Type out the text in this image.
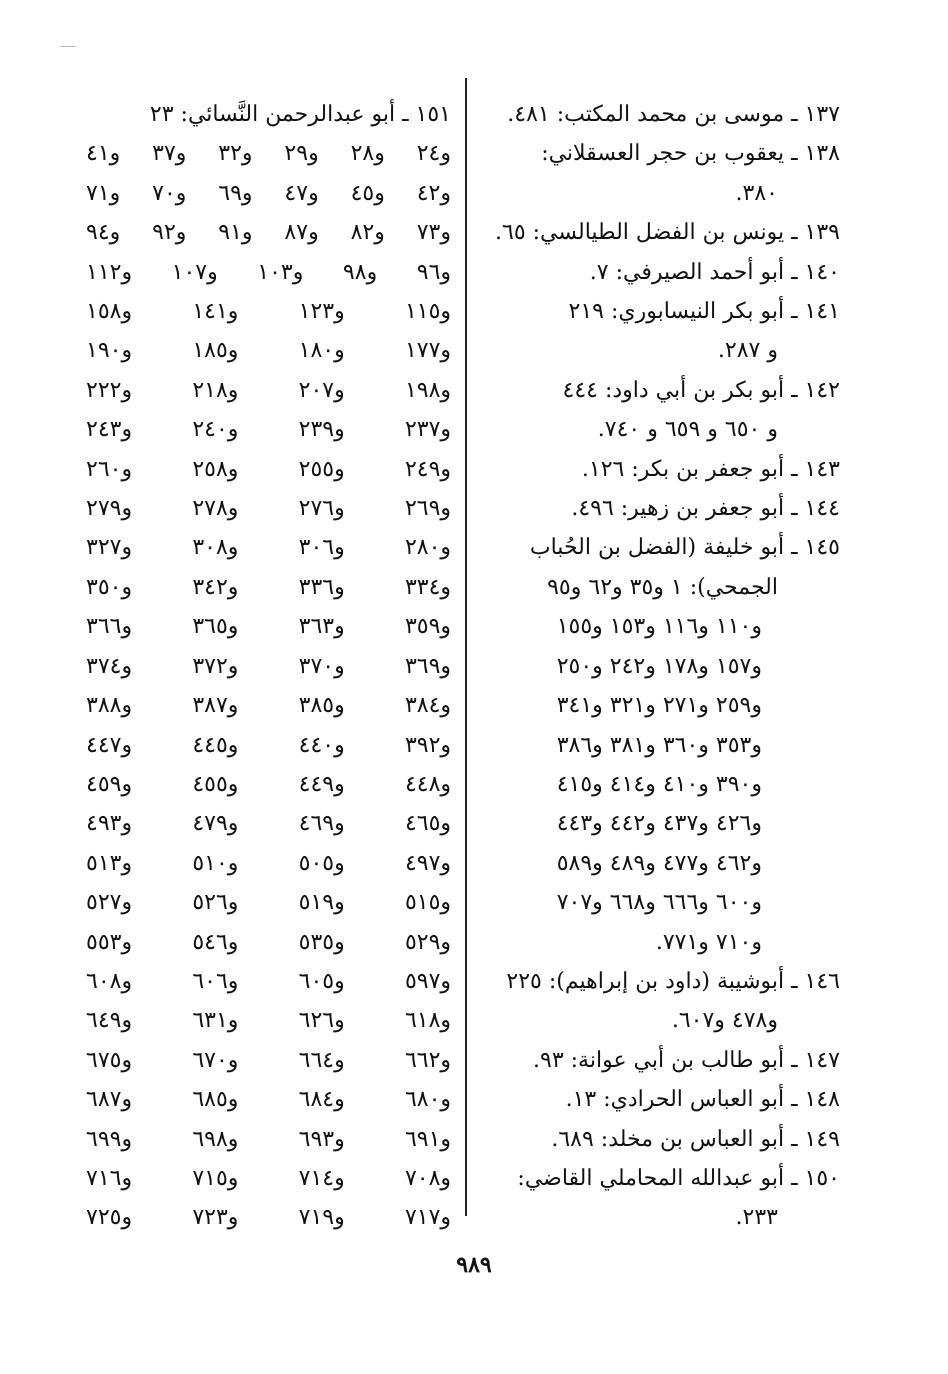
١٣٧ ـ موسى بن محمد المكتب: ٤٨١.
١٣٨ ـ يعقوب بن حجر العسقلاني:
٣٨٠.
١٣٩ ـ يونس بن الفضل الطيالسي: ٦٥.
١٤٠ ـ أبو أحمد الصيرفي: ٧.
١٤١ ـ أبو بكر النيسابوري: ٢١٩
و ٢٨٧.
١٤٢ ـ أبو بكر بن أبي داود: ٤٤٤
و ٦٥٠ و ٦٥٩ و ٧٤٠.
١٤٣ ـ أبو جعفر بن بكر: ١٢٦.
١٤٤ ـ أبو جعفر بن زهير: ٤٩٦.
١٤٥ ـ أبو خليفة (الفضل بن الحُباب
الجمحي): ١ و٣٥ و٦٢ و٩٥
و١١٠ و١١٦ و١٥٣ و١٥٥
و١٥٧ و١٧٨ و٢٤٢ و٢٥٠
و٢٥٩ و٢٧١ و٣٢١ و٣٤١
و٣٥٣ و٣٦٠ و٣٨١ و٣٨٦
و٣٩٠ و٤١٠ و٤١٤ و٤١٥
و٤٢٦ و٤٣٧ و٤٤٢ و٤٤٣
و٤٦٢ و٤٧٧ و٤٨٩ و٥٨٩
و٦٠٠ و٦٦٦ و٦٦٨ و٧٠٧
و٧١٠ و٧٧١.
١٤٦ ـ أبوشيبة (داود بن إبراهيم): ٢٢٥
و٤٧٨ و٦٠٧.
١٤٧ ـ أبو طالب بن أبي عوانة: ٩٣.
١٤٨ ـ أبو العباس الحرادي: ١٣.
١٤٩ ـ أبو العباس بن مخلد: ٦٨٩.
١٥٠ ـ أبو عبدالله المحاملي القاضي:
٢٣٣.
١٥١ ـ أبو عبدالرحمن النَّسائي: ٢٣
و٢٤ و٢٨ و٢٩ و٣٢ و٣٧ و٤١
و٤٢ و٤٥ و٤٧ و٦٩ و٧٠ و٧١
و٧٣ و٨٢ و٨٧ و٩١ و٩٢ و٩٤
و٩٦ و٩٨ و١٠٣ و١٠٧ و١١٢
و١١٥ و١٢٣ و١٤١ و١٥٨
و١٧٧ و١٨٠ و١٨٥ و١٩٠
و١٩٨ و٢٠٧ و٢١٨ و٢٢٢
و٢٣٧ و٢٣٩ و٢٤٠ و٢٤٣
و٢٤٩ و٢٥٥ و٢٥٨ و٢٦٠
و٢٦٩ و٢٧٦ و٢٧٨ و٢٧٩
و٢٨٠ و٣٠٦ و٣٠٨ و٣٢٧
و٣٣٤ و٣٣٦ و٣٤٢ و٣٥٠
و٣٥٩ و٣٦٣ و٣٦٥ و٣٦٦
و٣٦٩ و٣٧٠ و٣٧٢ و٣٧٤
و٣٨٤ و٣٨٥ و٣٨٧ و٣٨٨
و٣٩٢ و٤٤٠ و٤٤٥ و٤٤٧
و٤٤٨ و٤٤٩ و٤٥٥ و٤٥٩
و٤٦٥ و٤٦٩ و٤٧٩ و٤٩٣
و٤٩٧ و٥٠٥ و٥١٠ و٥١٣
و٥١٥ و٥١٩ و٥٢٦ و٥٢٧
و٥٢٩ و٥٣٥ و٥٤٦ و٥٥٣
و٥٩٧ و٦٠٥ و٦٠٦ و٦٠٨
و٦١٨ و٦٢٦ و٦٣١ و٦٤٩
و٦٦٢ و٦٦٤ و٦٧٠ و٦٧٥
و٦٨٠ و٦٨٤ و٦٨٥ و٦٨٧
و٦٩١ و٦٩٣ و٦٩٨ و٦٩٩
و٧٠٨ و٧١٤ و٧١٥ و٧١٦
و٧١٧ و٧١٩ و٧٢٣ و٧٢٥
٩٨٩
